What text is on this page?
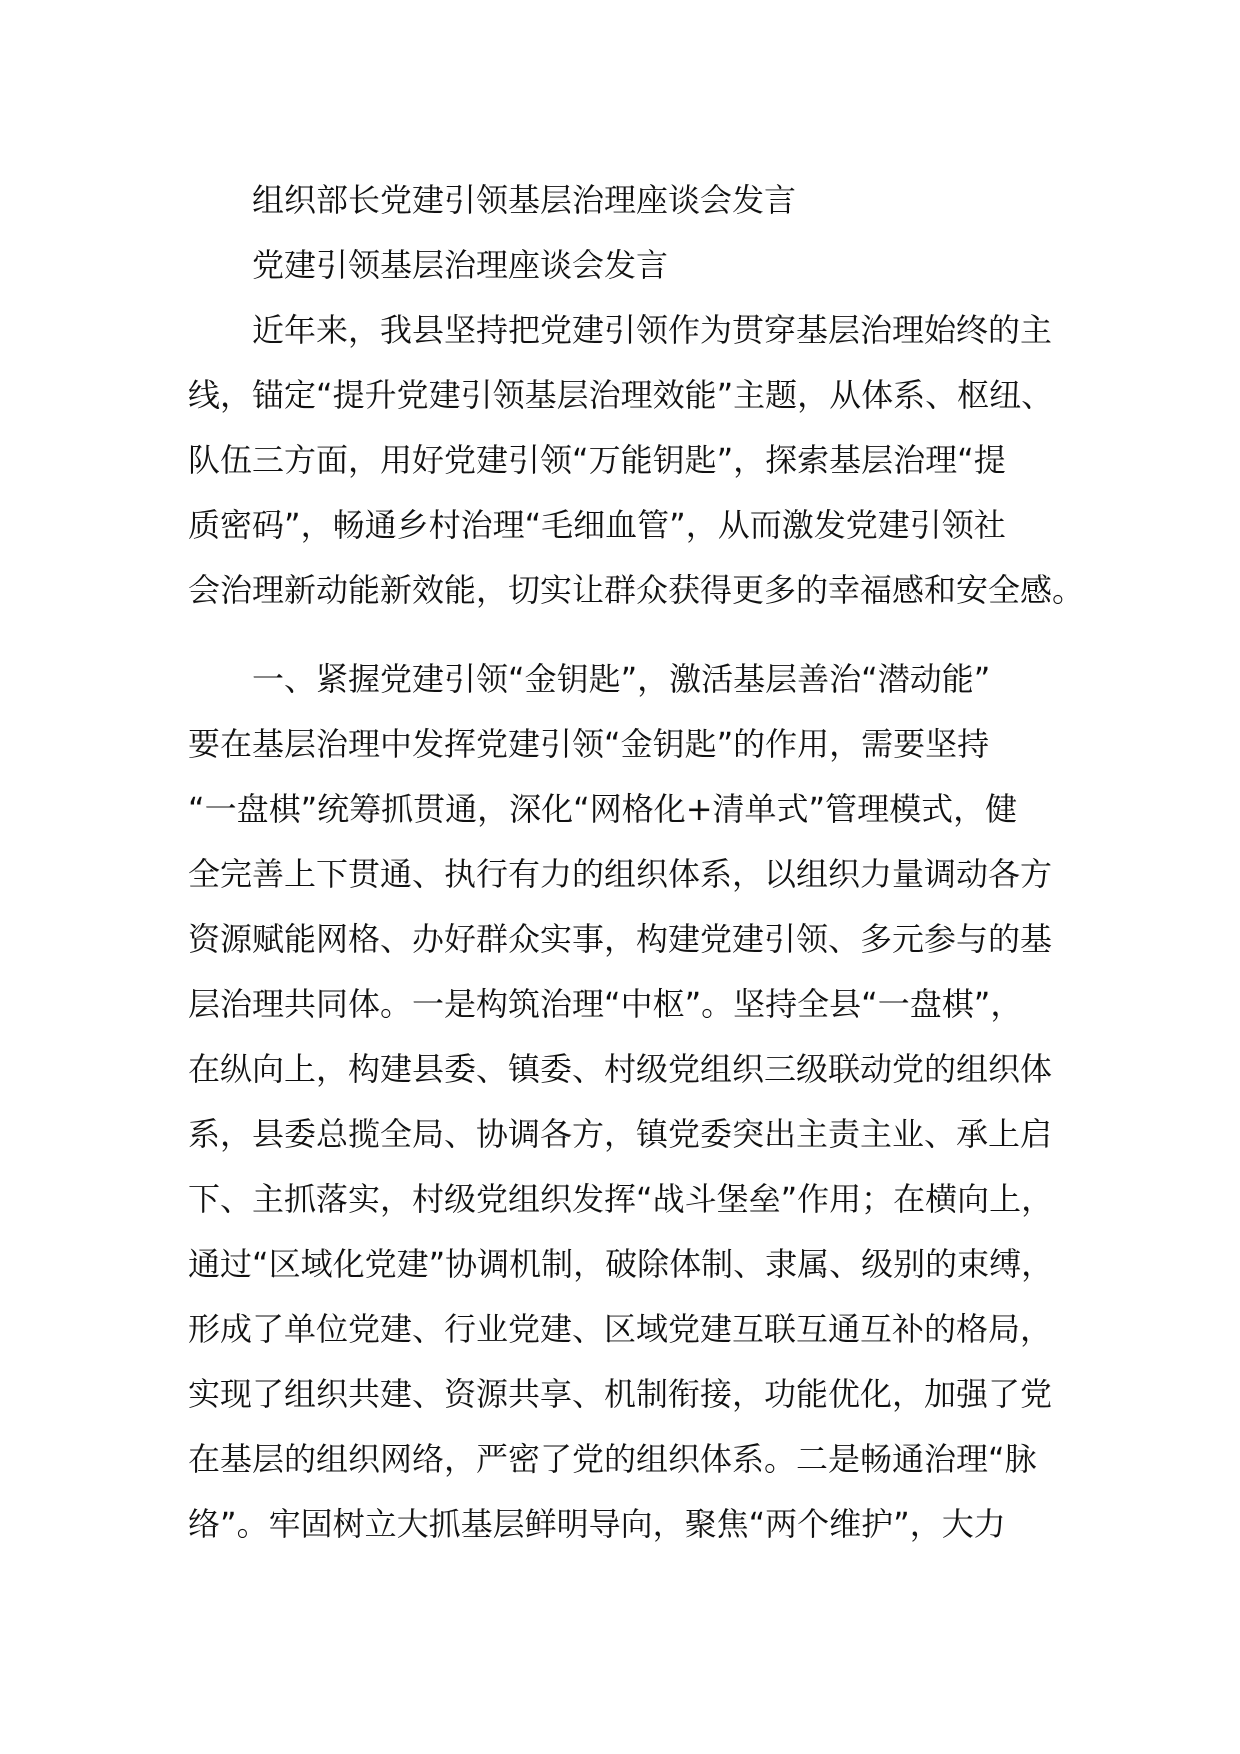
组织部长党建引领基层治理座谈会发言

党建引领基层治理座谈会发言

　　近年来，我县坚持把党建引领作为贯穿基层治理始终的主
线，锚定“提升党建引领基层治理效能”主题，从体系、枢纽、
队伍三方面，用好党建引领“万能钥匙”，探索基层治理“提
质密码”，畅通乡村治理“毛细血管”，从而激发党建引领社
会治理新动能新效能，切实让群众获得更多的幸福感和安全感。

　　一、紧握党建引领“金钥匙”，激活基层善治“潜动能”

要在基层治理中发挥党建引领“金钥匙”的作用，需要坚持
“一盘棋”统筹抓贯通，深化“网格化+清单式”管理模式，健
全完善上下贯通、执行有力的组织体系，以组织力量调动各方
资源赋能网格、办好群众实事，构建党建引领、多元参与的基
层治理共同体。一是构筑治理“中枢”。坚持全县“一盘棋”，
在纵向上，构建县委、镇委、村级党组织三级联动党的组织体
系，县委总揽全局、协调各方，镇党委突出主责主业、承上启
下、主抓落实，村级党组织发挥“战斗堡垒”作用；在横向上，
通过“区域化党建”协调机制，破除体制、隶属、级别的束缚，
形成了单位党建、行业党建、区域党建互联互通互补的格局，
实现了组织共建、资源共享、机制衔接，功能优化，加强了党
在基层的组织网络，严密了党的组织体系。二是畅通治理“脉
络”。牢固树立大抓基层鲜明导向，聚焦“两个维护”，大力
